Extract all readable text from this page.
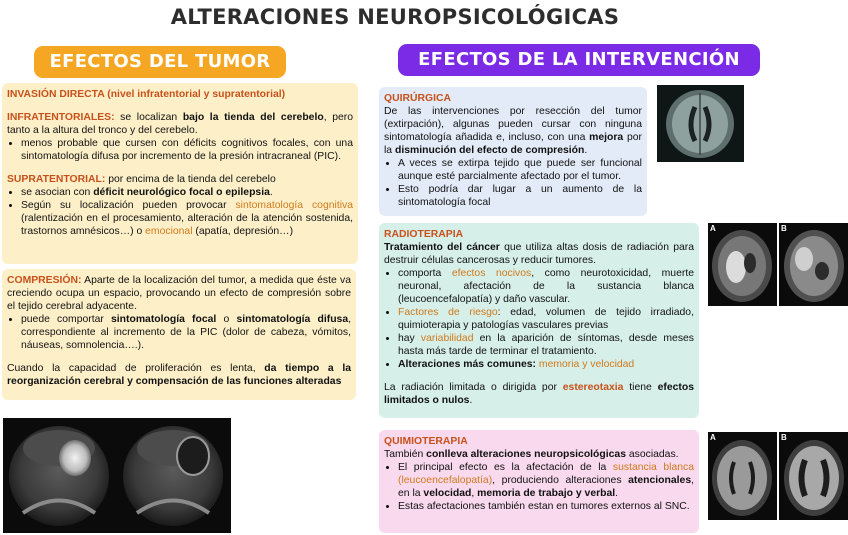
ALTERACIONES NEUROPSICOLÓGICAS
EFECTOS DEL TUMOR	EFECTOS DE LA INTERVENCIÓN

INVASIÓN DIRECTA (nivel infratentorial y supratentorial)

INFRATENTORIALES: se localizan bajo la tienda del cerebelo, pero tanto a la altura del tronco y del cerebelo.

• menos probable que cursen con déficits cognitivos focales, con una sintomatología difusa por incremento de la presión intracraneal (PIC).

SUPRATENTORIAL: por encima de la tienda del cerebelo

• se asocian con déficit neurológico focal o epilepsia.
• Según su localización pueden provocar sintomatología cognitiva (ralentización en el procesamiento, alteración de la atención sostenida, trastornos amnésicos…) o emocional (apatía, depresión…)

COMPRESIÓN: Aparte de la localización del tumor, a medida que éste va creciendo ocupa un espacio, provocando un efecto de compresión sobre el tejido cerebral adyacente.

• puede comportar sintomatología focal o sintomatología difusa, correspondiente al incremento de la PIC (dolor de cabeza, vómitos, náuseas, somnolencia….).

Cuando la capacidad de proliferación es lenta, da tiempo a la reorganización cerebral y compensación de las funciones alteradas

QUIRÚRGICA

De las intervenciones por resección del tumor (extirpación), algunas pueden cursar con ninguna sintomatología añadida e, incluso, con una mejora por la disminución del efecto de compresión.

• A veces se extirpa tejido que puede ser funcional aunque esté parcialmente afectado por el tumor.
• Esto podría dar lugar a un aumento de la sintomatología focal

RADIOTERAPIA

Tratamiento del cáncer que utiliza altas dosis de radiación para destruir células cancerosas y reducir tumores.

• comporta efectos nocivos, como neurotoxicidad, muerte neuronal, afectación de la sustancia blanca (leucoencefalopatía) y daño vascular.
• Factores de riesgo: edad, volumen de tejido irradiado, quimioterapia y patologías vasculares previas
• hay variabilidad en la aparición de síntomas, desde meses hasta más tarde de terminar el tratamiento.
• Alteraciones más comunes: memoria y velocidad

La radiación limitada o dirigida por estereotaxia tiene efectos limitados o nulos.

A	B

QUIMIOTERAPIA

También conlleva alteraciones neuropsicológicas asociadas.

• El principal efecto es la afectación de la sustancia blanca (leucoencefalopatía), produciendo alteraciones atencionales, en la velocidad, memoria de trabajo y verbal.
• Estas afectaciones también estan en tumores externos al SNC.
A	B
